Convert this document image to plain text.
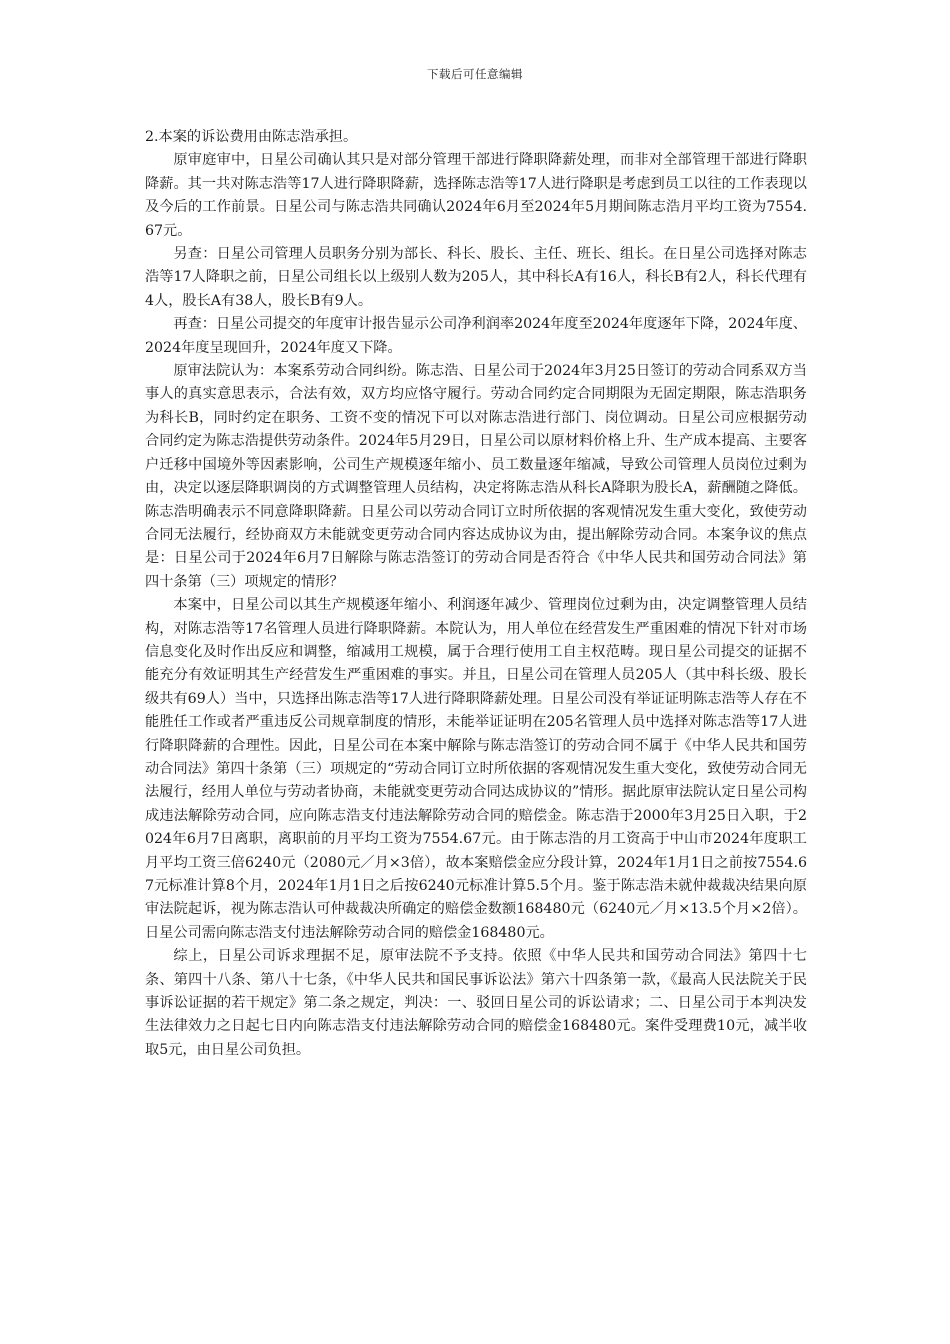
下载后可任意编辑

2.本案的诉讼费用由陈志浩承担。

原审庭审中，日星公司确认其只是对部分管理干部进行降职降薪处理，而非对全部管理干部进行降职降薪。其一共对陈志浩等17人进行降职降薪，选择陈志浩等17人进行降职是考虑到员工以往的工作表现以及今后的工作前景。日星公司与陈志浩共同确认2024年6月至2024年5月期间陈志浩月平均工资为7554.67元。

另查：日星公司管理人员职务分别为部长、科长、股长、主任、班长、组长。在日星公司选择对陈志浩等17人降职之前，日星公司组长以上级别人数为205人，其中科长A有16人，科长B有2人，科长代理有4人，股长A有38人，股长B有9人。

再查：日星公司提交的年度审计报告显示公司净利润率2024年度至2024年度逐年下降，2024年度、2024年度呈现回升，2024年度又下降。

原审法院认为：本案系劳动合同纠纷。陈志浩、日星公司于2024年3月25日签订的劳动合同系双方当事人的真实意思表示，合法有效，双方均应恪守履行。劳动合同约定合同期限为无固定期限，陈志浩职务为科长B，同时约定在职务、工资不变的情况下可以对陈志浩进行部门、岗位调动。日星公司应根据劳动合同约定为陈志浩提供劳动条件。2024年5月29日，日星公司以原材料价格上升、生产成本提高、主要客户迁移中国境外等因素影响，公司生产规模逐年缩小、员工数量逐年缩减，导致公司管理人员岗位过剩为由，决定以逐层降职调岗的方式调整管理人员结构，决定将陈志浩从科长A降职为股长A，薪酬随之降低。陈志浩明确表示不同意降职降薪。日星公司以劳动合同订立时所依据的客观情况发生重大变化，致使劳动合同无法履行，经协商双方未能就变更劳动合同内容达成协议为由，提出解除劳动合同。本案争议的焦点是：日星公司于2024年6月7日解除与陈志浩签订的劳动合同是否符合《中华人民共和国劳动合同法》第四十条第（三）项规定的情形？

本案中，日星公司以其生产规模逐年缩小、利润逐年减少、管理岗位过剩为由，决定调整管理人员结构，对陈志浩等17名管理人员进行降职降薪。本院认为，用人单位在经营发生严重困难的情况下针对市场信息变化及时作出反应和调整，缩减用工规模，属于合理行使用工自主权范畴。现日星公司提交的证据不能充分有效证明其生产经营发生严重困难的事实。并且，日星公司在管理人员205人（其中科长级、股长级共有69人）当中，只选择出陈志浩等17人进行降职降薪处理。日星公司没有举证证明陈志浩等人存在不能胜任工作或者严重违反公司规章制度的情形，未能举证证明在205名管理人员中选择对陈志浩等17人进行降职降薪的合理性。因此，日星公司在本案中解除与陈志浩签订的劳动合同不属于《中华人民共和国劳动合同法》第四十条第（三）项规定的“劳动合同订立时所依据的客观情况发生重大变化，致使劳动合同无法履行，经用人单位与劳动者协商，未能就变更劳动合同达成协议的”情形。据此原审法院认定日星公司构成违法解除劳动合同，应向陈志浩支付违法解除劳动合同的赔偿金。陈志浩于2000年3月25日入职，于2024年6月7日离职，离职前的月平均工资为7554.67元。由于陈志浩的月工资高于中山市2024年度职工月平均工资三倍6240元（2080元／月×3倍），故本案赔偿金应分段计算，2024年1月1日之前按7554.67元标准计算8个月，2024年1月1日之后按6240元标准计算5.5个月。鉴于陈志浩未就仲裁裁决结果向原审法院起诉，视为陈志浩认可仲裁裁决所确定的赔偿金数额168480元（6240元／月×13.5个月×2倍）。日星公司需向陈志浩支付违法解除劳动合同的赔偿金168480元。

综上，日星公司诉求理据不足，原审法院不予支持。依照《中华人民共和国劳动合同法》第四十七条、第四十八条、第八十七条，《中华人民共和国民事诉讼法》第六十四条第一款，《最高人民法院关于民事诉讼证据的若干规定》第二条之规定，判决：一、驳回日星公司的诉讼请求；二、日星公司于本判决发生法律效力之日起七日内向陈志浩支付违法解除劳动合同的赔偿金168480元。案件受理费10元，减半收取5元，由日星公司负担。
